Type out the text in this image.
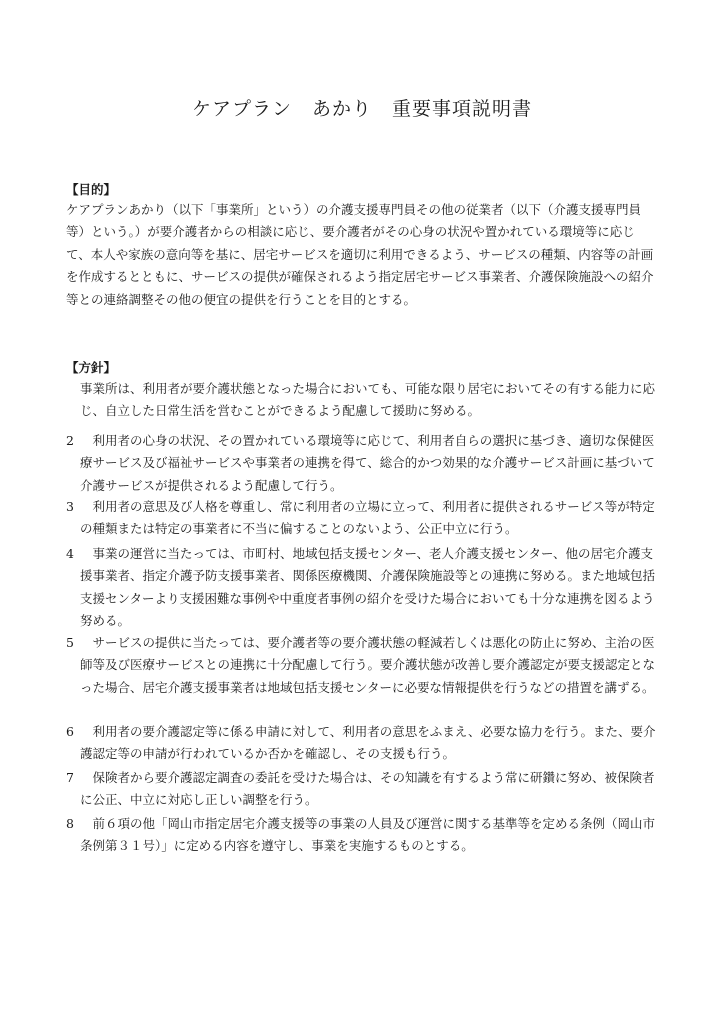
ケアプラン　あかり　重要事項説明書
【目的】
ケアプランあかり（以下「事業所」という）の介護支援専門員その他の従業者（以下（介護支援専門員等）という。）が要介護者からの相談に応じ、要介護者がその心身の状況や置かれている環境等に応じて、本人や家族の意向等を基に、居宅サービスを適切に利用できるよう、サービスの種類、内容等の計画を作成するとともに、サービスの提供が確保されるよう指定居宅サービス事業者、介護保険施設への紹介等との連絡調整その他の便宜の提供を行うことを目的とする。
【方針】
事業所は、利用者が要介護状態となった場合においても、可能な限り居宅においてその有する能力に応じ、自立した日常生活を営むことができるよう配慮して援助に努める。
2　利用者の心身の状況、その置かれている環境等に応じて、利用者自らの選択に基づき、適切な保健医療サービス及び福祉サービスや事業者の連携を得て、総合的かつ効果的な介護サービス計画に基づいて介護サービスが提供されるよう配慮して行う。
3　利用者の意思及び人格を尊重し、常に利用者の立場に立って、利用者に提供されるサービス等が特定の種類または特定の事業者に不当に偏することのないよう、公正中立に行う。
4　事業の運営に当たっては、市町村、地域包括支援センター、老人介護支援センター、他の居宅介護支援事業者、指定介護予防支援事業者、関係医療機関、介護保険施設等との連携に努める。また地域包括支援センターより支援困難な事例や中重度者事例の紹介を受けた場合においても十分な連携を図るよう努める。
5　サービスの提供に当たっては、要介護者等の要介護状態の軽減若しくは悪化の防止に努め、主治の医師等及び医療サービスとの連携に十分配慮して行う。要介護状態が改善し要介護認定が要支援認定となった場合、居宅介護支援事業者は地域包括支援センターに必要な情報提供を行うなどの措置を講ずる。
6　利用者の要介護認定等に係る申請に対して、利用者の意思をふまえ、必要な協力を行う。また、要介護認定等の申請が行われているか否かを確認し、その支援も行う。
7　保険者から要介護認定調査の委託を受けた場合は、その知識を有するよう常に研鑽に努め、被保険者に公正、中立に対応し正しい調整を行う。
8　前６項の他「岡山市指定居宅介護支援等の事業の人員及び運営に関する基準等を定める条例（岡山市条例第３１号）」に定める内容を遵守し、事業を実施するものとする。
